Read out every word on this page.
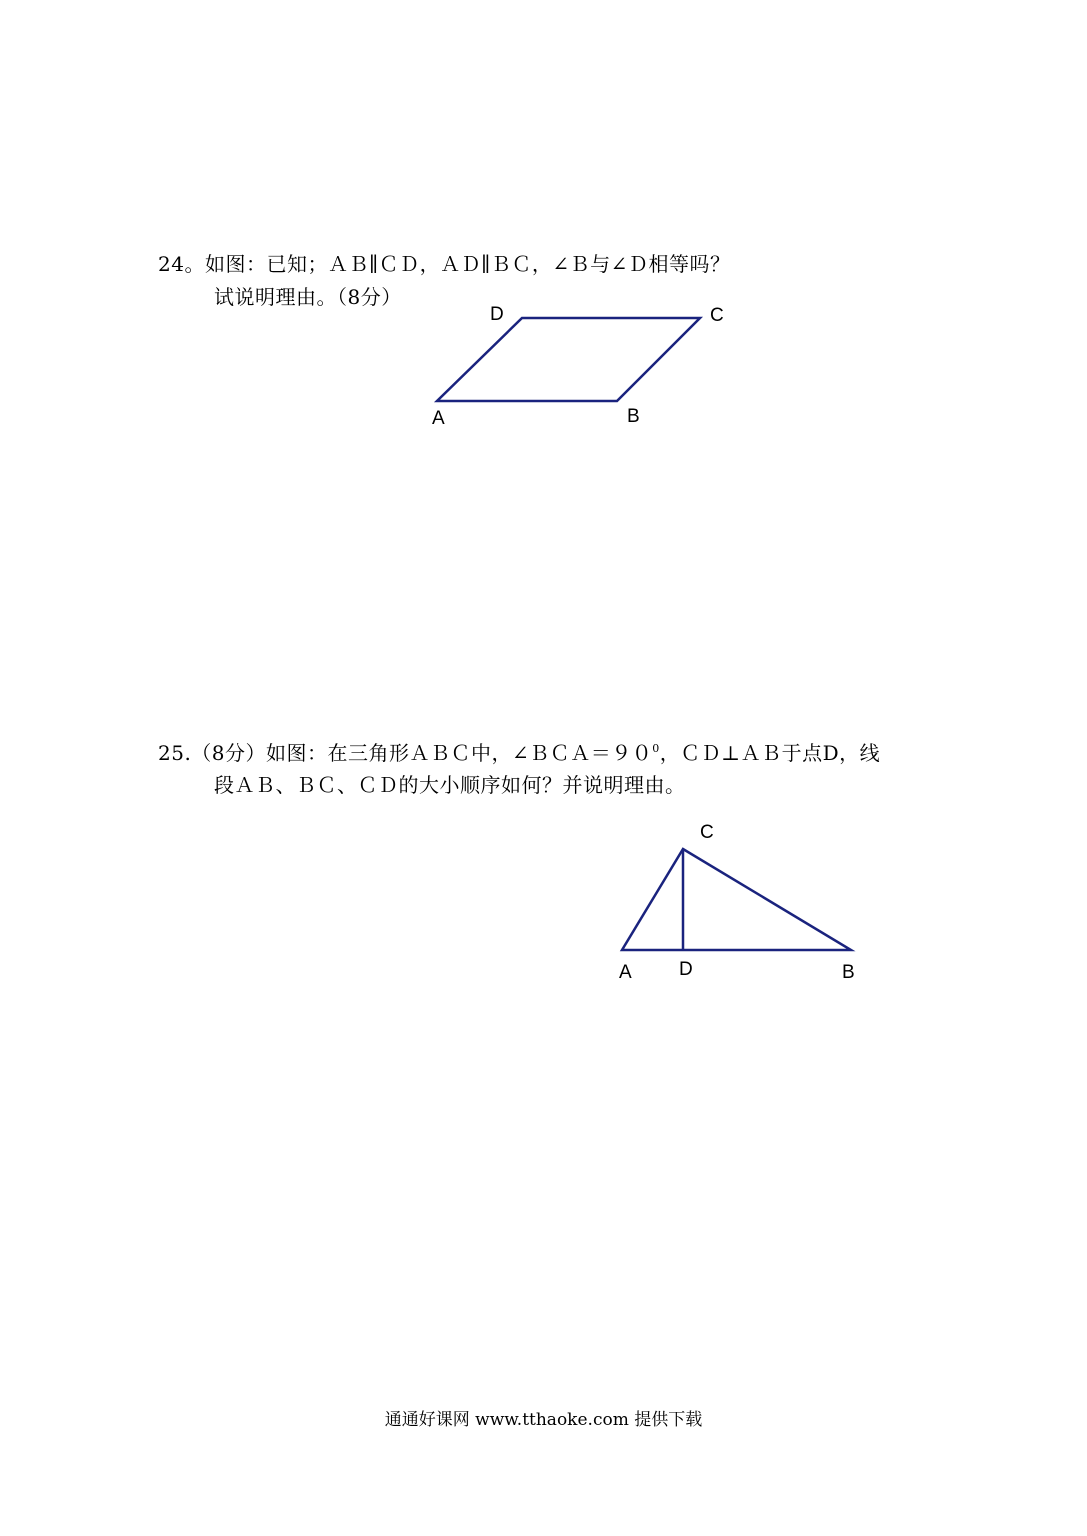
24。如图：已知；ＡＢ∥ＣＤ，ＡＤ∥ＢＣ，∠Ｂ与∠Ｄ相等吗？
试说明理由。（8分）
D	C
A	B
C
A D	B
25.（8分）如图：在三角形ＡＢＣ中，$\angle BCA=90^0$，ＣＤ⊥ＡＢ于点D，线
段ＡＢ、ＢＣ、ＣＤ的大小顺序如何？并说明理由。
通通好课网 www.tthaoke.com 提供下载
